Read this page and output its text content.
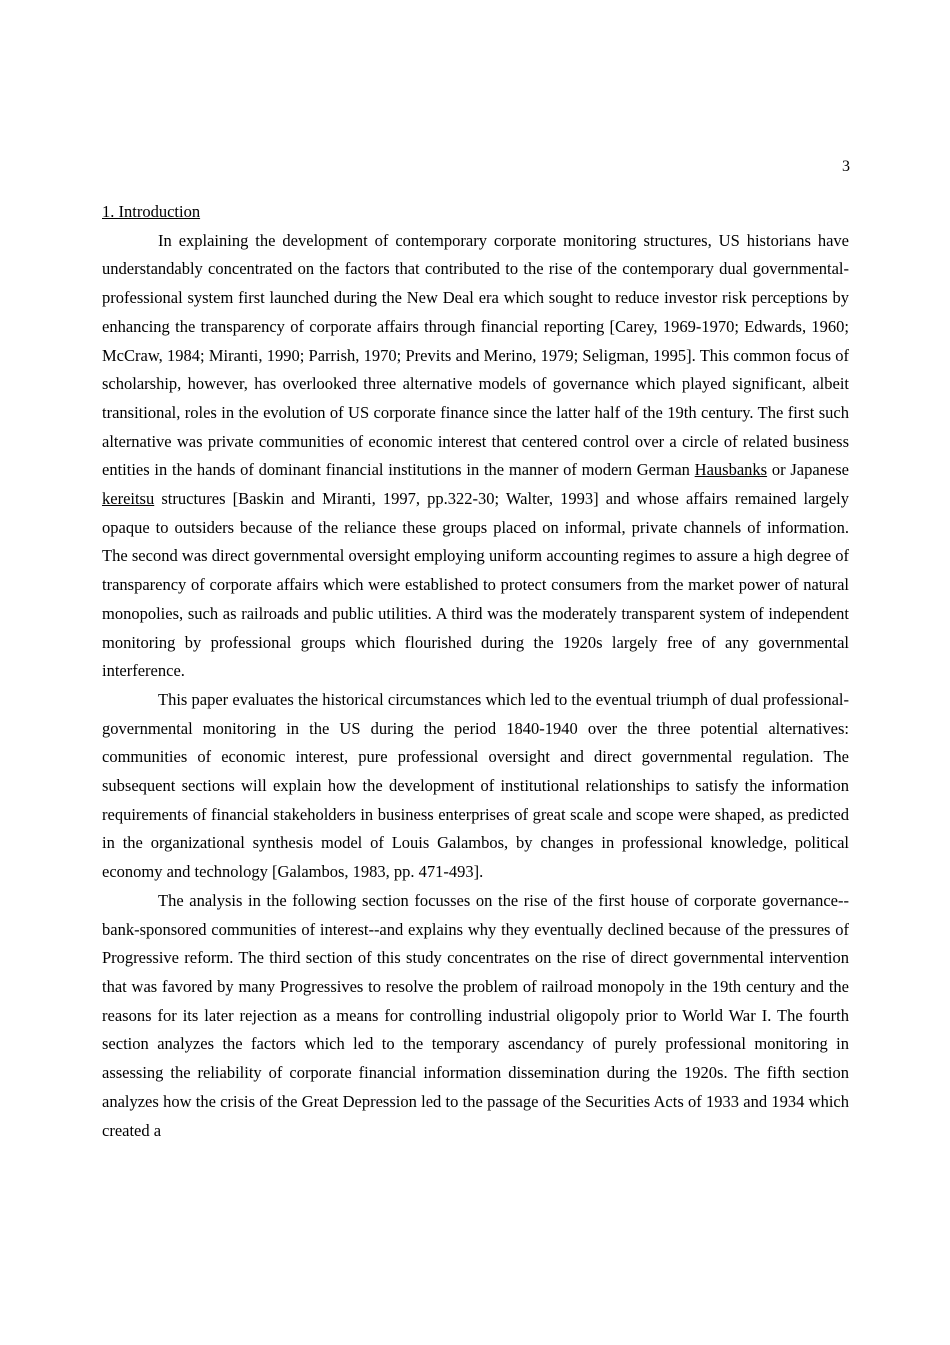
3
1. Introduction

In explaining the development of contemporary corporate monitoring structures, US historians have understandably concentrated on the factors that contributed to the rise of the contemporary dual governmental-professional system first launched during the New Deal era which sought to reduce investor risk perceptions by enhancing the transparency of corporate affairs through financial reporting [Carey, 1969-1970; Edwards, 1960; McCraw, 1984; Miranti, 1990; Parrish, 1970; Previts and Merino, 1979; Seligman, 1995]. This common focus of scholarship, however, has overlooked three alternative models of governance which played significant, albeit transitional, roles in the evolution of US corporate finance since the latter half of the 19th century. The first such alternative was private communities of economic interest that centered control over a circle of related business entities in the hands of dominant financial institutions in the manner of modern German Hausbanks or Japanese kereitsu structures [Baskin and Miranti, 1997, pp.322-30; Walter, 1993] and whose affairs remained largely opaque to outsiders because of the reliance these groups placed on informal, private channels of information. The second was direct governmental oversight employing uniform accounting regimes to assure a high degree of transparency of corporate affairs which were established to protect consumers from the market power of natural monopolies, such as railroads and public utilities. A third was the moderately transparent system of independent monitoring by professional groups which flourished during the 1920s largely free of any governmental interference.

This paper evaluates the historical circumstances which led to the eventual triumph of dual professional-governmental monitoring in the US during the period 1840-1940 over the three potential alternatives: communities of economic interest, pure professional oversight and direct governmental regulation. The subsequent sections will explain how the development of institutional relationships to satisfy the information requirements of financial stakeholders in business enterprises of great scale and scope were shaped, as predicted in the organizational synthesis model of Louis Galambos, by changes in professional knowledge, political economy and technology [Galambos, 1983, pp. 471-493].

The analysis in the following section focusses on the rise of the first house of corporate governance--bank-sponsored communities of interest--and explains why they eventually declined because of the pressures of Progressive reform. The third section of this study concentrates on the rise of direct governmental intervention that was favored by many Progressives to resolve the problem of railroad monopoly in the 19th century and the reasons for its later rejection as a means for controlling industrial oligopoly prior to World War I. The fourth section analyzes the factors which led to the temporary ascendancy of purely professional monitoring in assessing the reliability of corporate financial information dissemination during the 1920s. The fifth section analyzes how the crisis of the Great Depression led to the passage of the Securities Acts of 1933 and 1934 which created a
